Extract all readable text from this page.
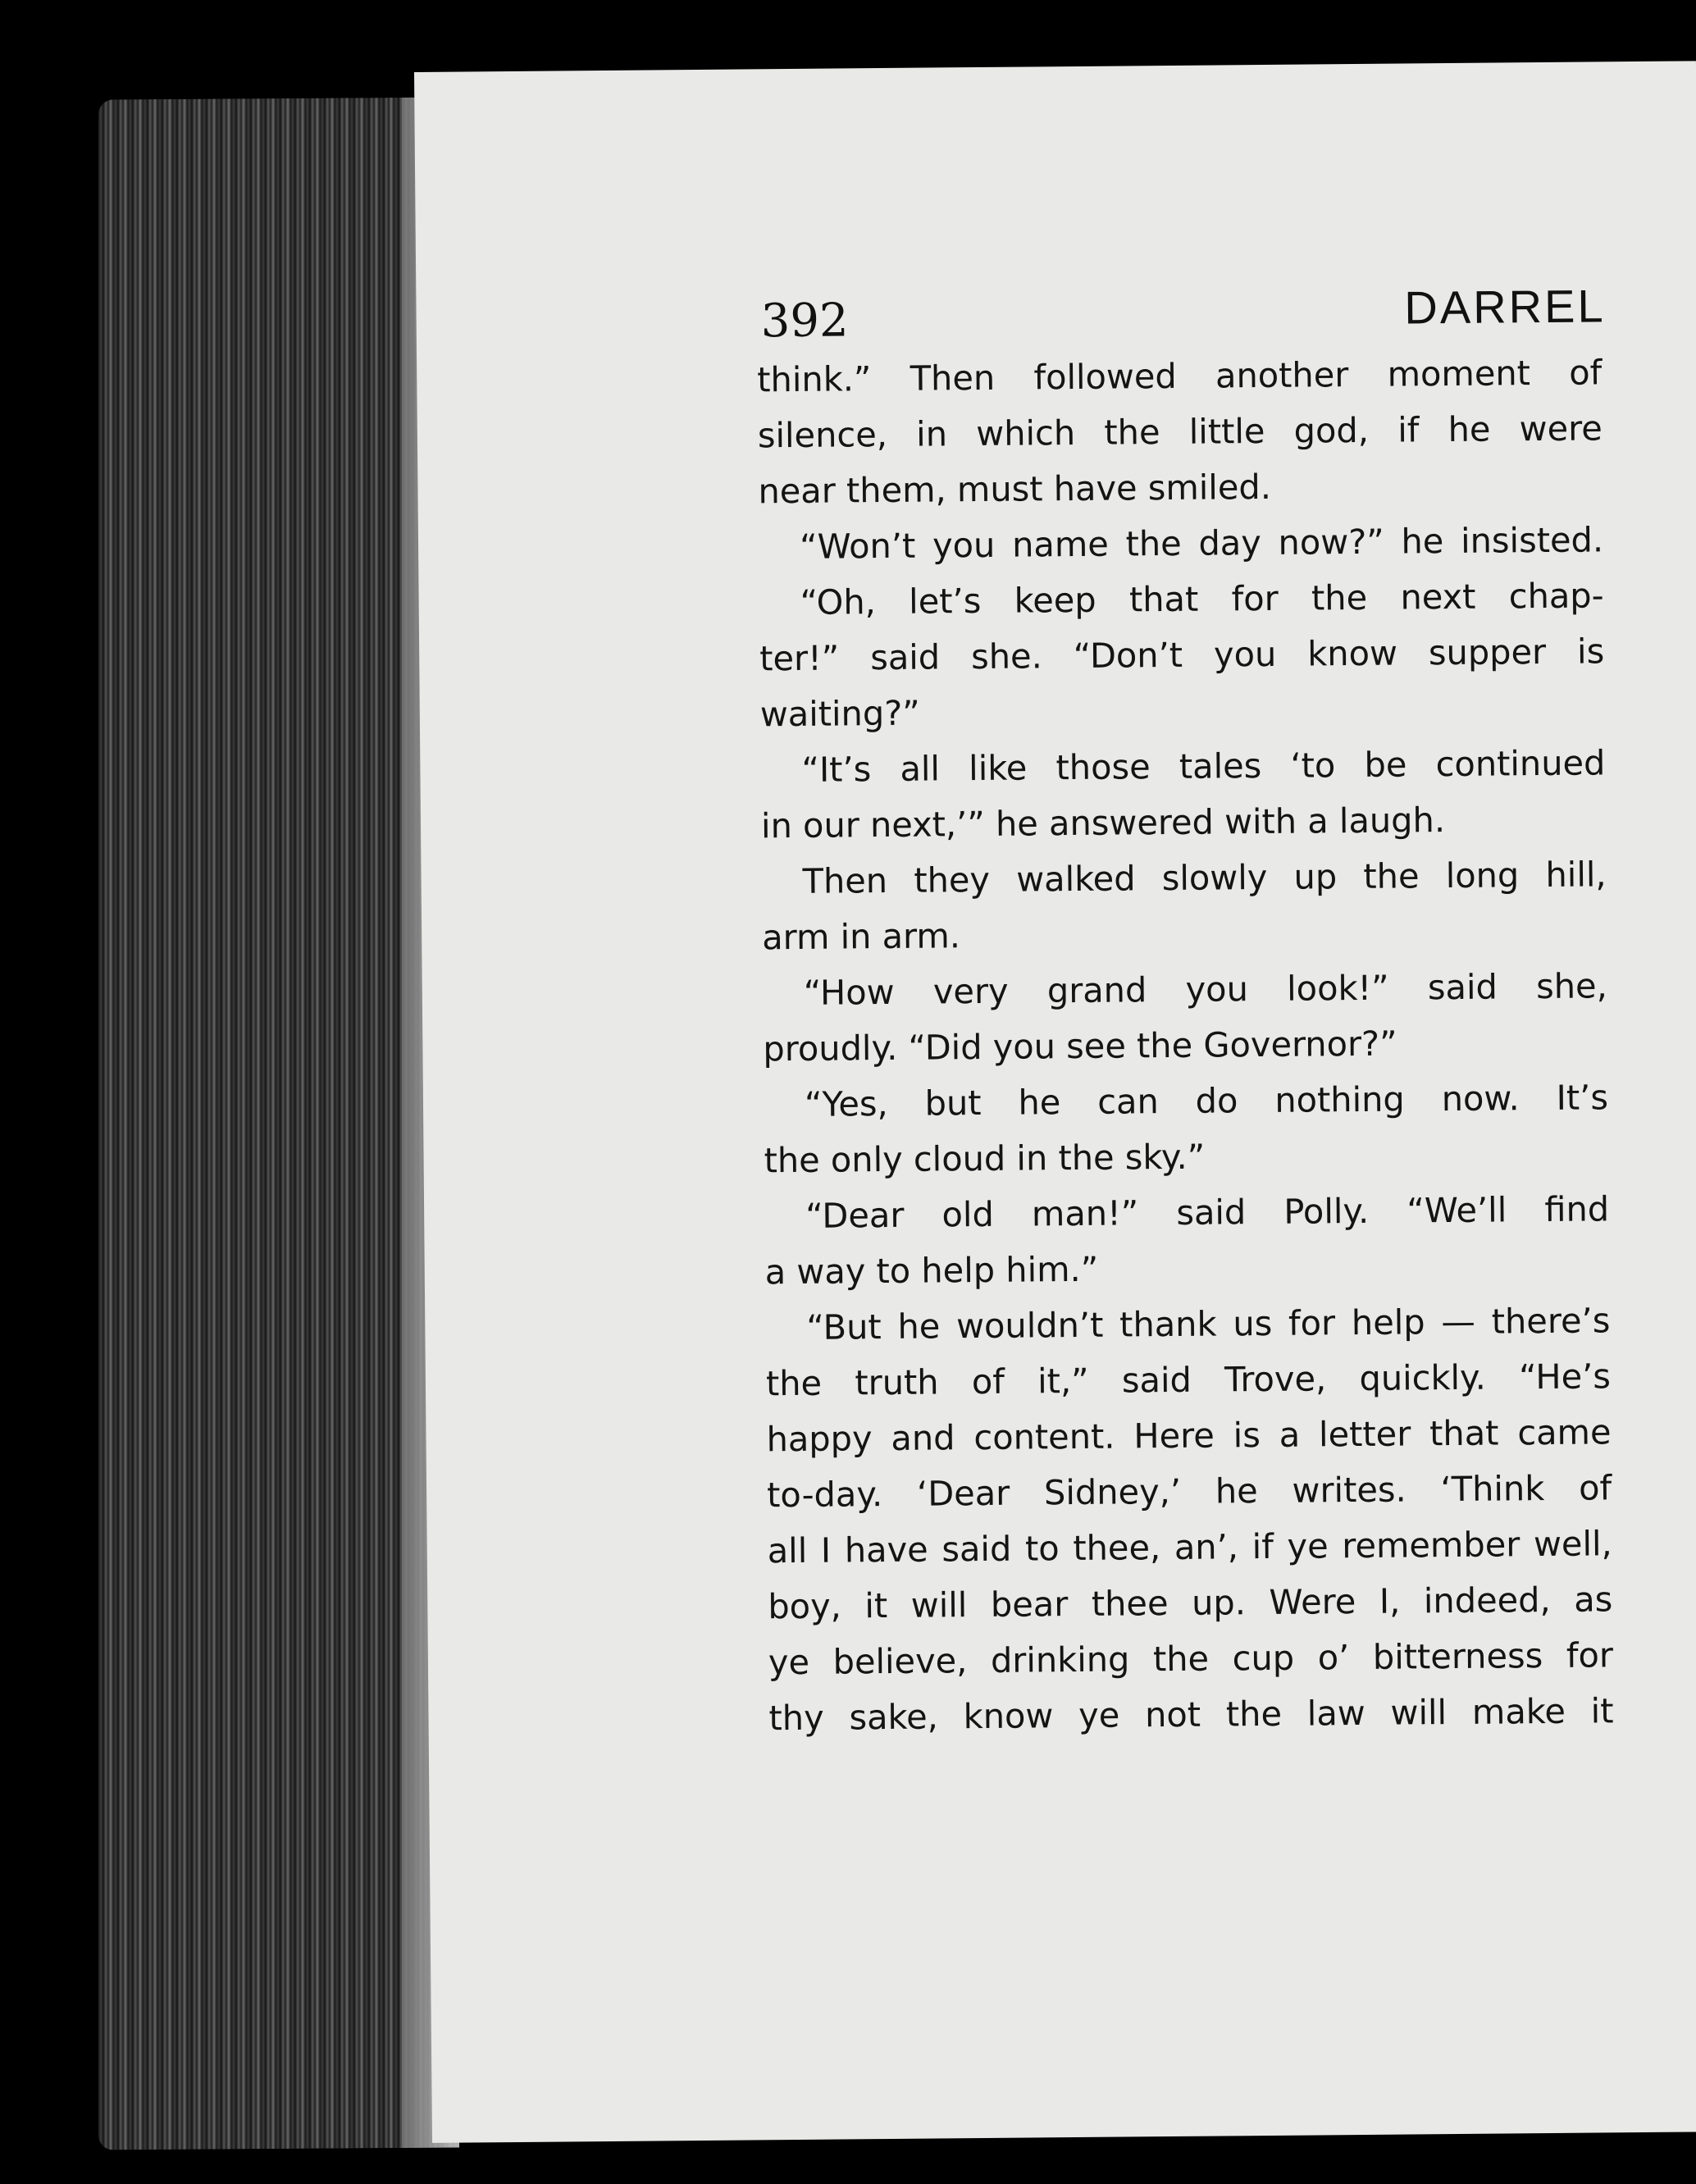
392	DARREL
think.” Then followed another moment of
silence, in which the little god, if he were
near them, must have smiled.
“Won’t you name the day now?” he insisted.
“Oh, let’s keep that for the next chap-
ter!” said she. “Don’t you know supper is
waiting?”
“It’s all like those tales ‘to be continued
in our next,’” he answered with a laugh.
Then they walked slowly up the long hill,
arm in arm.
“How very grand you look!” said she,
proudly. “Did you see the Governor?”
“Yes, but he can do nothing now. It’s
the only cloud in the sky.”
“Dear old man!” said Polly. “We’ll find
a way to help him.”
“But he wouldn’t thank us for help — there’s
the truth of it,” said Trove, quickly. “He’s
happy and content. Here is a letter that came
to-day. ‘Dear Sidney,’ he writes. ‘Think of
all I have said to thee, an’, if ye remember well,
boy, it will bear thee up. Were I, indeed, as
ye believe, drinking the cup o’ bitterness for
thy sake, know ye not the law will make it
